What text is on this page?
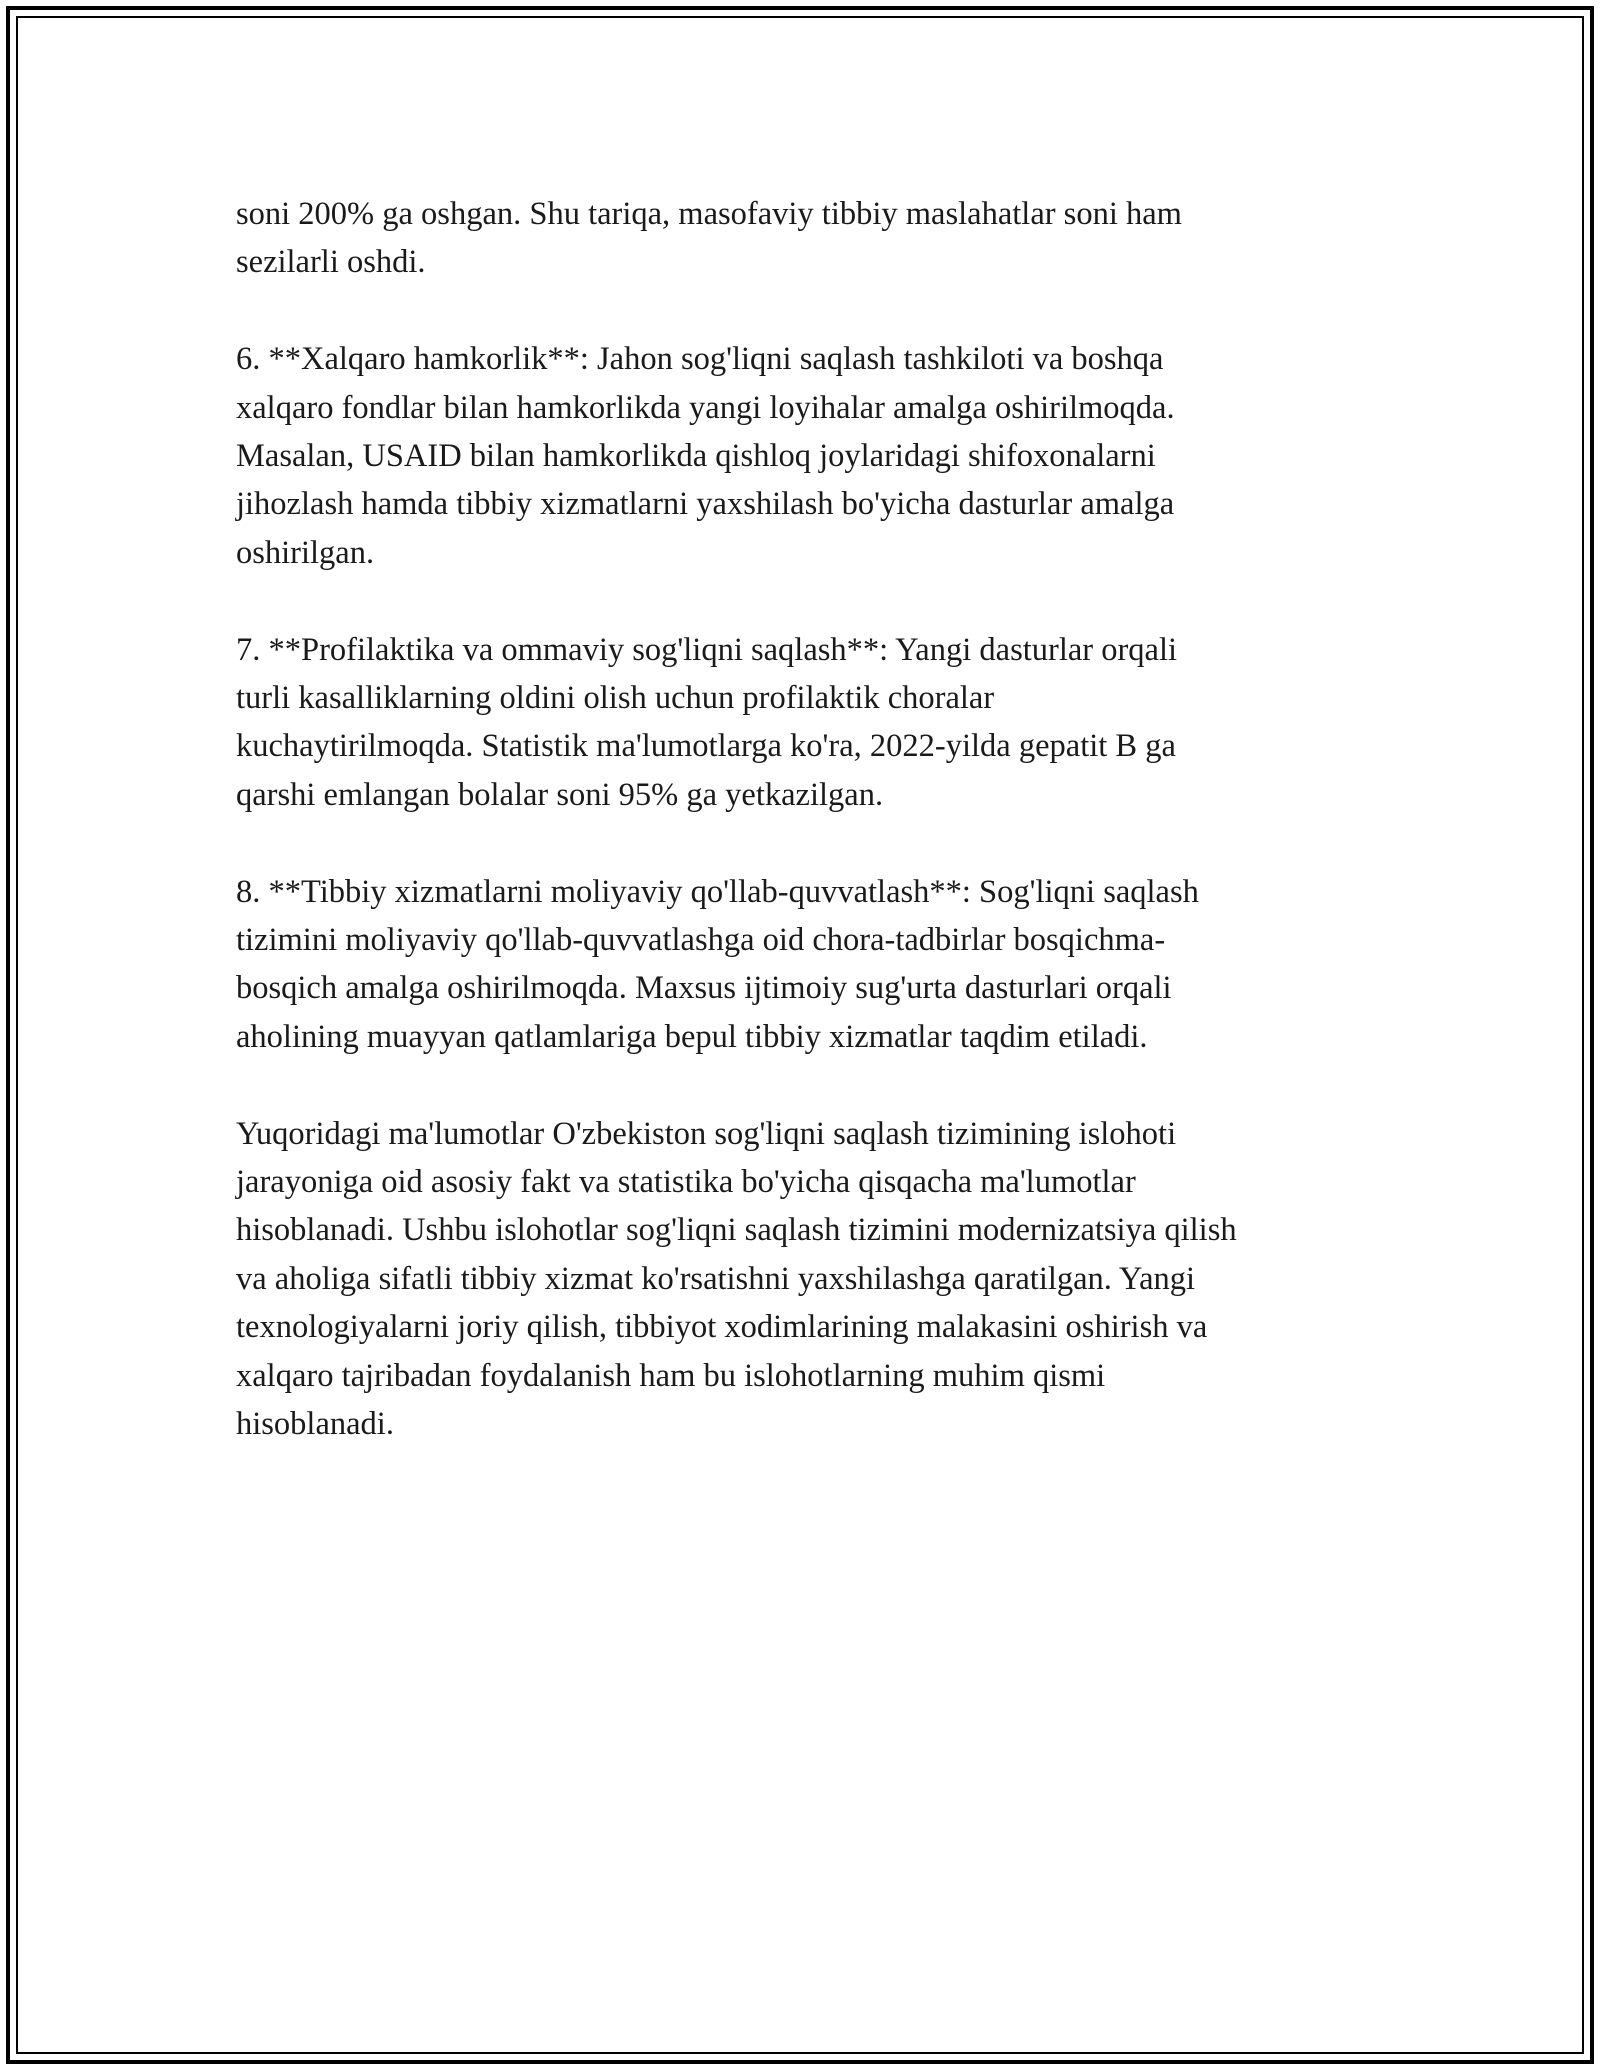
soni 200% ga oshgan. Shu tariqa, masofaviy tibbiy maslahatlar soni ham
sezilarli oshdi.

6. **Xalqaro hamkorlik**: Jahon sog'liqni saqlash tashkiloti va boshqa
xalqaro fondlar bilan hamkorlikda yangi loyihalar amalga oshirilmoqda.
Masalan, USAID bilan hamkorlikda qishloq joylaridagi shifoxonalarni
jihozlash hamda tibbiy xizmatlarni yaxshilash bo'yicha dasturlar amalga
oshirilgan.

7. **Profilaktika va ommaviy sog'liqni saqlash**: Yangi dasturlar orqali
turli kasalliklarning oldini olish uchun profilaktik choralar
kuchaytirilmoqda. Statistik ma'lumotlarga ko'ra, 2022-yilda gepatit B ga
qarshi emlangan bolalar soni 95% ga yetkazilgan.

8. **Tibbiy xizmatlarni moliyaviy qo'llab-quvvatlash**: Sog'liqni saqlash
tizimini moliyaviy qo'llab-quvvatlashga oid chora-tadbirlar bosqichma-
bosqich amalga oshirilmoqda. Maxsus ijtimoiy sug'urta dasturlari orqali
aholining muayyan qatlamlariga bepul tibbiy xizmatlar taqdim etiladi.

Yuqoridagi ma'lumotlar O'zbekiston sog'liqni saqlash tizimining islohoti
jarayoniga oid asosiy fakt va statistika bo'yicha qisqacha ma'lumotlar
hisoblanadi. Ushbu islohotlar sog'liqni saqlash tizimini modernizatsiya qilish
va aholiga sifatli tibbiy xizmat ko'rsatishni yaxshilashga qaratilgan. Yangi
texnologiyalarni joriy qilish, tibbiyot xodimlarining malakasini oshirish va
xalqaro tajribadan foydalanish ham bu islohotlarning muhim qismi
hisoblanadi.
